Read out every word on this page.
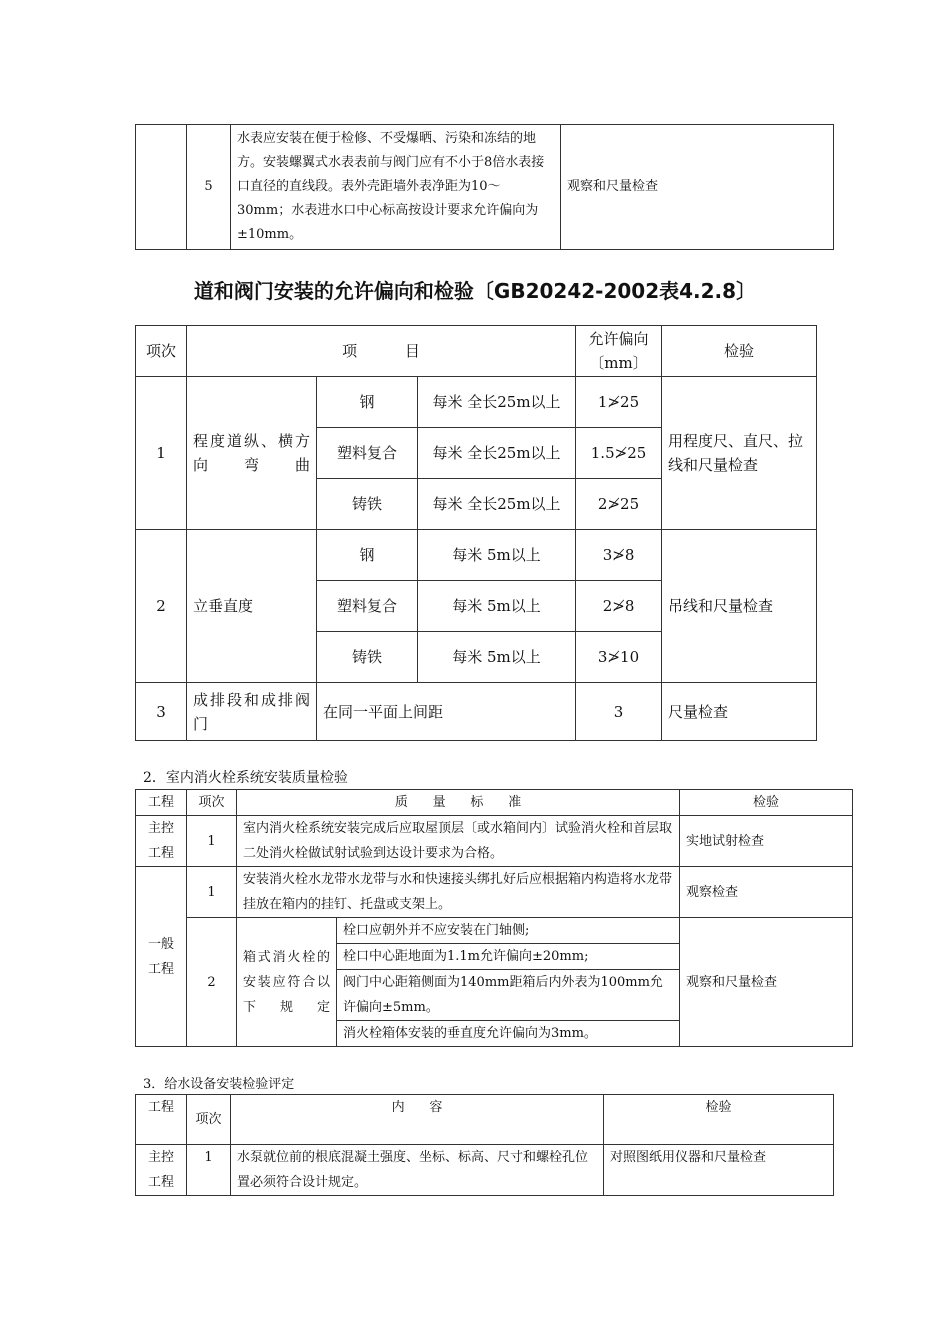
	5	水表应安装在便于检修、不受爆晒、污染和冻结的地方。安装螺翼式水表表前与阀门应有不小于8倍水表接口直径的直线段。表外壳距墙外表净距为10～30mm；水表进水口中心标高按设计要求允许偏向为±10mm。	观察和尺量检查
道和阀门安装的允许偏向和检验〔GB20242-2002表4.2.8〕
项次	项          目			允许偏向〔mm〕	检验
1	程度道纵、横方向弯曲	钢	每米 全长25m以上	1≯25	用程度尺、直尺、拉线和尺量检查
		塑料复合	每米 全长25m以上	1.5≯25	
		铸铁	每米 全长25m以上	2≯25	
2	立垂直度	钢	每米 5m以上	3≯8	吊线和尺量检查
		塑料复合	每米 5m以上	2≯8	
		铸铁	每米 5m以上	3≯10	
3	成排段和成排阀门	在同一平面上间距		3	尺量检查
2．室内消火栓系统安装质量检验
工程	项次	质      量      标      准		检验
主控工程	1	室内消火栓系统安装完成后应取屋顶层〔或水箱间内〕试验消火栓和首层取二处消火栓做试射试验到达设计要求为合格。		实地试射检查
一般工程	1	安装消火栓水龙带水龙带与水和快速接头绑扎好后应根据箱内构造将水龙带挂放在箱内的挂钉、托盘或支架上。		观察检查
	2	箱式消火栓的安装应符合以下规定	栓口应朝外并不应安装在门轴侧;	观察和尺量检查
			栓口中心距地面为1.1m允许偏向±20mm;	
			阀门中心距箱侧面为140mm距箱后内外表为100mm允许偏向±5mm。	
			消火栓箱体安装的垂直度允许偏向为3mm。	
3．给水设备安装检验评定
工程	项次	内      容	检验
主控工程	1	水泵就位前的根底混凝土强度、坐标、标高、尺寸和螺栓孔位置必须符合设计规定。	对照图纸用仪器和尺量检查
